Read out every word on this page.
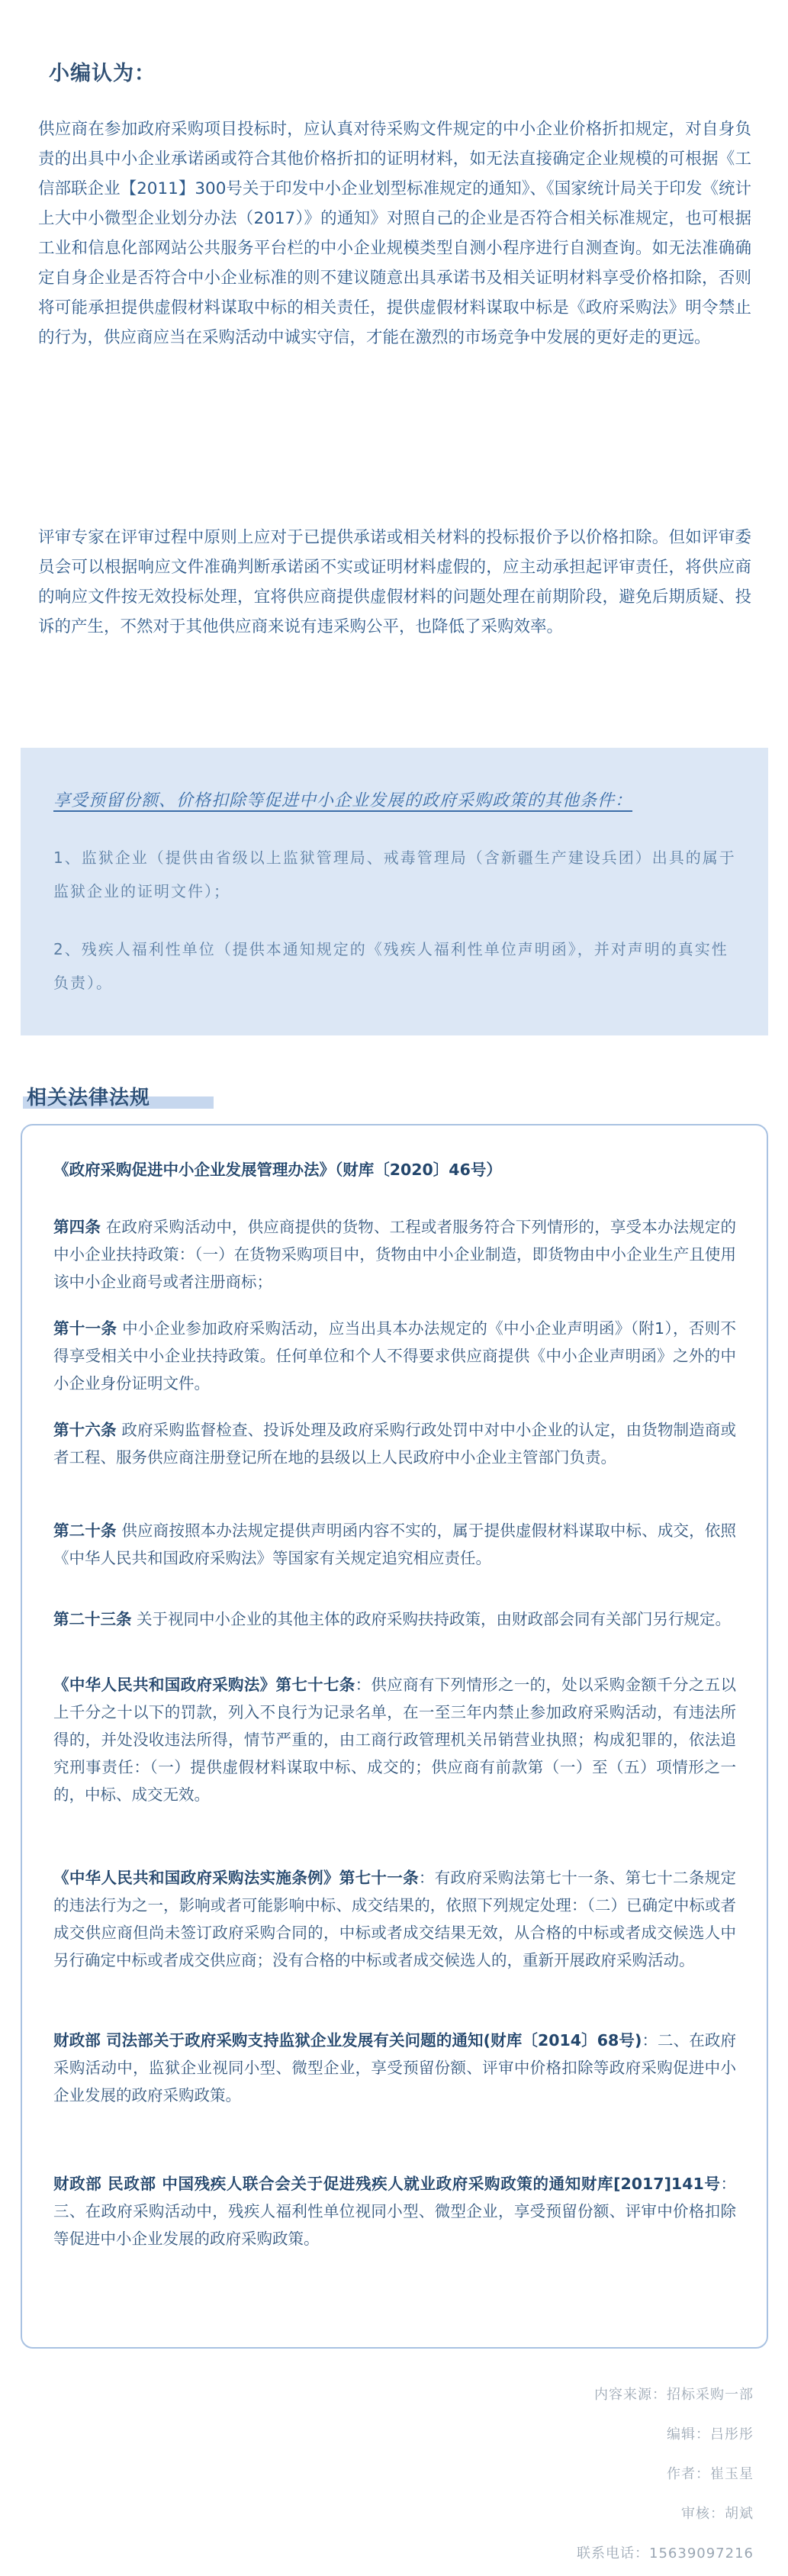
小编认为：

供应商在参加政府采购项目投标时，应认真对待采购文件规定的中小企业价格折扣规定，对自身负责的出具中小企业承诺函或符合其他价格折扣的证明材料，如无法直接确定企业规模的可根据《工信部联企业【2011】300号关于印发中小企业划型标准规定的通知》、《国家统计局关于印发《统计上大中小微型企业划分办法（2017）》的通知》对照自己的企业是否符合相关标准规定，也可根据工业和信息化部网站公共服务平台栏的中小企业规模类型自测小程序进行自测查询。如无法准确确定自身企业是否符合中小企业标准的则不建议随意出具承诺书及相关证明材料享受价格扣除，否则将可能承担提供虚假材料谋取中标的相关责任，提供虚假材料谋取中标是《政府采购法》明令禁止的行为，供应商应当在采购活动中诚实守信，才能在激烈的市场竞争中发展的更好走的更远。

评审专家在评审过程中原则上应对于已提供承诺或相关材料的投标报价予以价格扣除。但如评审委员会可以根据响应文件准确判断承诺函不实或证明材料虚假的，应主动承担起评审责任，将供应商的响应文件按无效投标处理，宜将供应商提供虚假材料的问题处理在前期阶段，避免后期质疑、投诉的产生，不然对于其他供应商来说有违采购公平，也降低了采购效率。

享受预留份额、价格扣除等促进中小企业发展的政府采购政策的其他条件：

1、监狱企业（提供由省级以上监狱管理局、戒毒管理局（含新疆生产建设兵团）出具的属于监狱企业的证明文件）；

2、残疾人福利性单位（提供本通知规定的《残疾人福利性单位声明函》，并对声明的真实性负责）。

相关法律法规

《政府采购促进中小企业发展管理办法》（财库〔2020〕46号）

第四条 在政府采购活动中，供应商提供的货物、工程或者服务符合下列情形的，享受本办法规定的中小企业扶持政策：（一）在货物采购项目中，货物由中小企业制造，即货物由中小企业生产且使用该中小企业商号或者注册商标；

第十一条 中小企业参加政府采购活动，应当出具本办法规定的《中小企业声明函》（附1），否则不得享受相关中小企业扶持政策。任何单位和个人不得要求供应商提供《中小企业声明函》之外的中小企业身份证明文件。

第十六条 政府采购监督检查、投诉处理及政府采购行政处罚中对中小企业的认定，由货物制造商或者工程、服务供应商注册登记所在地的县级以上人民政府中小企业主管部门负责。

第二十条 供应商按照本办法规定提供声明函内容不实的，属于提供虚假材料谋取中标、成交，依照《中华人民共和国政府采购法》等国家有关规定追究相应责任。

第二十三条 关于视同中小企业的其他主体的政府采购扶持政策，由财政部会同有关部门另行规定。

《中华人民共和国政府采购法》第七十七条：供应商有下列情形之一的，处以采购金额千分之五以上千分之十以下的罚款，列入不良行为记录名单，在一至三年内禁止参加政府采购活动，有违法所得的，并处没收违法所得，情节严重的，由工商行政管理机关吊销营业执照；构成犯罪的，依法追究刑事责任：（一）提供虚假材料谋取中标、成交的；供应商有前款第（一）至（五）项情形之一的，中标、成交无效。

《中华人民共和国政府采购法实施条例》第七十一条：有政府采购法第七十一条、第七十二条规定的违法行为之一，影响或者可能影响中标、成交结果的，依照下列规定处理：（二）已确定中标或者成交供应商但尚未签订政府采购合同的，中标或者成交结果无效，从合格的中标或者成交候选人中另行确定中标或者成交供应商；没有合格的中标或者成交候选人的，重新开展政府采购活动。

财政部 司法部关于政府采购支持监狱企业发展有关问题的通知(财库〔2014〕68号)：二、在政府采购活动中，监狱企业视同小型、微型企业，享受预留份额、评审中价格扣除等政府采购促进中小企业发展的政府采购政策。

财政部 民政部 中国残疾人联合会关于促进残疾人就业政府采购政策的通知财库[2017]141号：三、在政府采购活动中，残疾人福利性单位视同小型、微型企业，享受预留份额、评审中价格扣除等促进中小企业发展的政府采购政策。

内容来源：招标采购一部
编辑：吕彤彤
作者：崔玉星
审核：胡斌
联系电话：15639097216
